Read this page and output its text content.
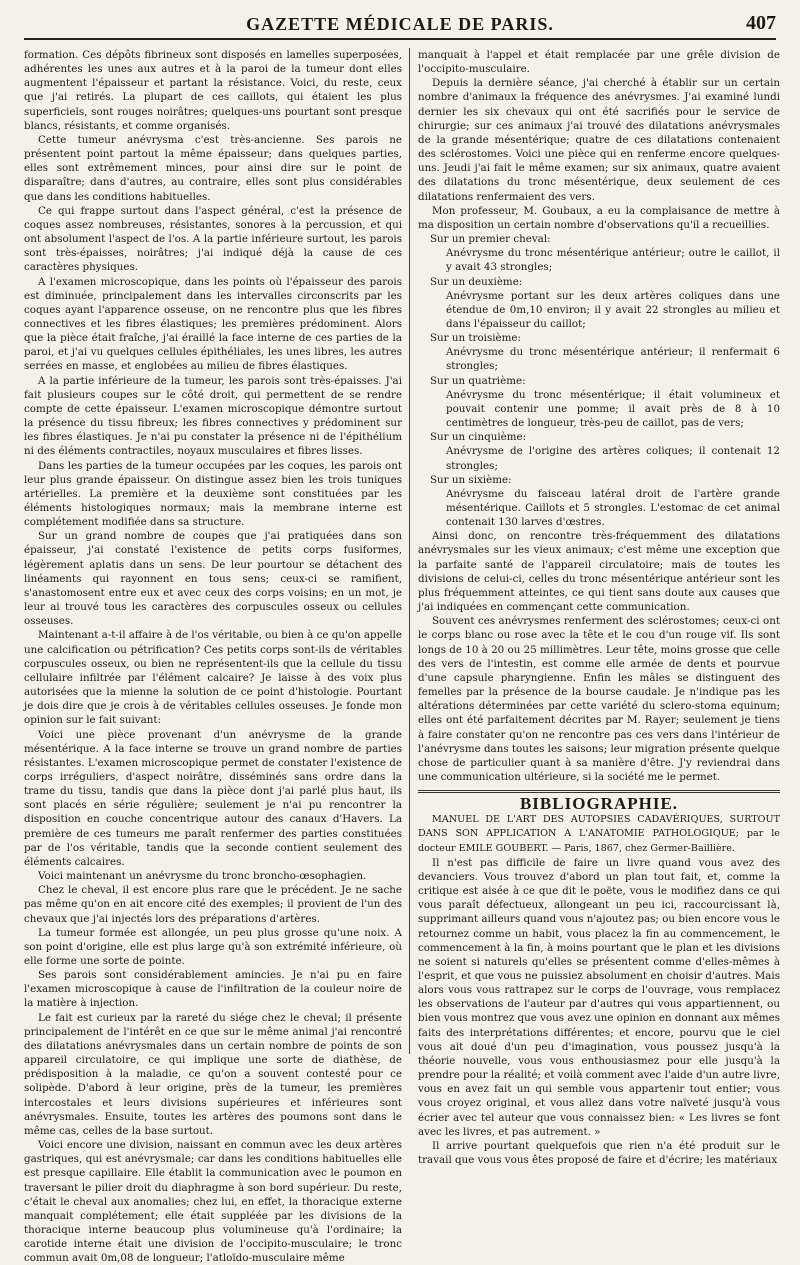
GAZETTE MÉDICALE DE PARIS.	407

formation. Ces dépôts fibrineux sont disposés en lamelles superposées, adhérentes les unes aux autres et à la paroi de la tumeur dont elles augmentent l'épaisseur et partant la résistance. Voici, du reste, ceux que j'ai retirés. La plupart de ces caillots, qui étaient les plus superficiels, sont rouges noirâtres; quelques-uns pourtant sont presque blancs, résistants, et comme organisés.

Cette tumeur anévrysma c'est très-ancienne. Ses parois ne présentent point partout la même épaisseur; dans quelques parties, elles sont extrêmement minces, pour ainsi dire sur le point de disparaître; dans d'autres, au contraire, elles sont plus considérables que dans les conditions habituelles.

Ce qui frappe surtout dans l'aspect général, c'est la présence de coques assez nombreuses, résistantes, sonores à la percussion, et qui ont absolument l'aspect de l'os. A la partie inférieure surtout, les parois sont très-épaisses, noirâtres; j'ai indiqué déjà la cause de ces caractères physiques.

A l'examen microscopique, dans les points où l'épaisseur des parois est diminuée, principalement dans les intervalles circonscrits par les coques ayant l'apparence osseuse, on ne rencontre plus que les fibres connectives et les fibres élastiques; les premières prédominent. Alors que la pièce était fraîche, j'ai éraillé la face interne de ces parties de la paroi, et j'ai vu quelques cellules épithéliales, les unes libres, les autres serrées en masse, et englobées au milieu de fibres élastiques.

A la partie inférieure de la tumeur, les parois sont très-épaisses. J'ai fait plusieurs coupes sur le côté droit, qui permettent de se rendre compte de cette épaisseur. L'examen microscopique démontre surtout la présence du tissu fibreux; les fibres connectives y prédominent sur les fibres élastiques. Je n'ai pu constater la présence ni de l'épithélium ni des éléments contractiles, noyaux musculaires et fibres lisses.

Dans les parties de la tumeur occupées par les coques, les parois ont leur plus grande épaisseur. On distingue assez bien les trois tuniques artérielles. La première et la deuxième sont constituées par les éléments histologiques normaux; mais la membrane interne est complétement modifiée dans sa structure.

Sur un grand nombre de coupes que j'ai pratiquées dans son épaisseur, j'ai constaté l'existence de petits corps fusiformes, légèrement aplatis dans un sens. De leur pourtour se détachent des linéaments qui rayonnent en tous sens; ceux-ci se ramifient, s'anastomosent entre eux et avec ceux des corps voisins; en un mot, je leur ai trouvé tous les caractères des corpuscules osseux ou cellules osseuses.

Maintenant a-t-il affaire à de l'os véritable, ou bien à ce qu'on appelle une calcification ou pétrification? Ces petits corps sont-ils de véritables corpuscules osseux, ou bien ne représentent-ils que la cellule du tissu cellulaire infiltrée par l'élément calcaire? Je laisse à des voix plus autorisées que la mienne la solution de ce point d'histologie. Pourtant je dois dire que je crois à de véritables cellules osseuses. Je fonde mon opinion sur le fait suivant:

Voici une pièce provenant d'un anévrysme de la grande mésentérique. A la face interne se trouve un grand nombre de parties résistantes. L'examen microscopique permet de constater l'existence de corps irréguliers, d'aspect noirâtre, disséminés sans ordre dans la trame du tissu, tandis que dans la pièce dont j'ai parlé plus haut, ils sont placés en série régulière; seulement je n'ai pu rencontrer la disposition en couche concentrique autour des canaux d'Havers. La première de ces tumeurs me paraît renfermer des parties constituées par de l'os véritable, tandis que la seconde contient seulement des éléments calcaires.

Voici maintenant un anévrysme du tronc broncho-œsophagien.

Chez le cheval, il est encore plus rare que le précédent. Je ne sache pas même qu'on en ait encore cité des exemples; il provient de l'un des chevaux que j'ai injectés lors des préparations d'artères.

La tumeur formée est allongée, un peu plus grosse qu'une noix. A son point d'origine, elle est plus large qu'à son extrémité inférieure, où elle forme une sorte de pointe.

Ses parois sont considérablement amincies. Je n'ai pu en faire l'examen microscopique à cause de l'infiltration de la couleur noire de la matière à injection.

Le fait est curieux par la rareté du siége chez le cheval; il présente principalement de l'intérêt en ce que sur le même animal j'ai rencontré des dilatations anévrysmales dans un certain nombre de points de son appareil circulatoire, ce qui implique une sorte de diathèse, de prédisposition à la maladie, ce qu'on a souvent contesté pour ce solipède. D'abord à leur origine, près de la tumeur, les premières intercostales et leurs divisions supérieures et inférieures sont anévrysmales. Ensuite, toutes les artères des poumons sont dans le même cas, celles de la base surtout.

Voici encore une division, naissant en commun avec les deux artères gastriques, qui est anévrysmale; car dans les conditions habituelles elle est presque capillaire. Elle établit la communication avec le poumon en traversant le pilier droit du diaphragme à son bord supérieur. Du reste, c'était le cheval aux anomalies; chez lui, en effet, la thoracique externe manquait complétement; elle était suppléée par les divisions de la thoracique interne beaucoup plus volumineuse qu'à l'ordinaire; la carotide interne était une division de l'occipito-musculaire; le tronc commun avait 0m,08 de longueur; l'atloïdo-musculaire même

manquait à l'appel et était remplacée par une grêle division de l'occipito-musculaire.

Depuis la dernière séance, j'ai cherché à établir sur un certain nombre d'animaux la fréquence des anévrysmes. J'ai examiné lundi dernier les six chevaux qui ont été sacrifiés pour le service de chirurgie; sur ces animaux j'ai trouvé des dilatations anévrysmales de la grande mésentérique; quatre de ces dilatations contenaient des sclérostomes. Voici une pièce qui en renferme encore quelques-uns. Jeudi j'ai fait le même examen; sur six animaux, quatre avaient des dilatations du tronc mésentérique, deux seulement de ces dilatations renfermaient des vers.

Mon professeur, M. Goubaux, a eu la complaisance de mettre à ma disposition un certain nombre d'observations qu'il a recueillies.

Sur un premier cheval:

Anévrysme du tronc mésentérique antérieur; outre le caillot, il y avait 43 strongles;

Sur un deuxième:

Anévrysme portant sur les deux artères coliques dans une étendue de 0m,10 environ; il y avait 22 strongles au milieu et dans l'épaisseur du caillot;

Sur un troisième:

Anévrysme du tronc mésentérique antérieur; il renfermait 6 strongles;

Sur un quatrième:

Anévrysme du tronc mésentérique; il était volumineux et pouvait contenir une pomme; il avait près de 8 à 10 centimètres de longueur, très-peu de caillot, pas de vers;

Sur un cinquième:

Anévrysme de l'origine des artères coliques; il contenait 12 strongles;

Sur un sixième:

Anévrysme du faisceau latéral droit de l'artère grande mésentérique. Caillots et 5 strongles. L'estomac de cet animal contenait 130 larves d'œstres.

Ainsi donc, on rencontre très-fréquemment des dilatations anévrysmales sur les vieux animaux; c'est même une exception que la parfaite santé de l'appareil circulatoire; mais de toutes les divisions de celui-ci, celles du tronc mésentérique antérieur sont les plus fréquemment atteintes, ce qui tient sans doute aux causes que j'ai indiquées en commençant cette communication.

Souvent ces anévrysmes renferment des sclérostomes; ceux-ci ont le corps blanc ou rose avec la tête et le cou d'un rouge vif. Ils sont longs de 10 à 20 ou 25 millimètres. Leur tête, moins grosse que celle des vers de l'intestin, est comme elle armée de dents et pourvue d'une capsule pharyngienne. Enfin les mâles se distinguent des femelles par la présence de la bourse caudale. Je n'indique pas les altérations déterminées par cette variété du sclero-stoma equinum; elles ont été parfaitement décrites par M. Rayer; seulement je tiens à faire constater qu'on ne rencontre pas ces vers dans l'intérieur de l'anévrysme dans toutes les saisons; leur migration présente quelque chose de particulier quant à sa manière d'être. J'y reviendrai dans une communication ultérieure, si la société me le permet.

BIBLIOGRAPHIE.

MANUEL DE L'ART DES AUTOPSIES CADAVÉRIQUES, SURTOUT DANS SON APPLICATION A L'ANATOMIE PATHOLOGIQUE; par le docteur EMILE GOUBERT. — Paris, 1867, chez Germer-Baillière.

Il n'est pas difficile de faire un livre quand vous avez des devanciers. Vous trouvez d'abord un plan tout fait, et, comme la critique est aisée à ce que dit le poëte, vous le modifiez dans ce qui vous paraît défectueux, allongeant un peu ici, raccourcissant là, supprimant ailleurs quand vous n'ajoutez pas; ou bien encore vous le retournez comme un habit, vous placez la fin au commencement, le commencement à la fin, à moins pourtant que le plan et les divisions ne soient si naturels qu'elles se présentent comme d'elles-mêmes à l'esprit, et que vous ne puissiez absolument en choisir d'autres. Mais alors vous vous rattrapez sur le corps de l'ouvrage, vous remplacez les observations de l'auteur par d'autres qui vous appartiennent, ou bien vous montrez que vous avez une opinion en donnant aux mêmes faits des interprétations différentes; et encore, pourvu que le ciel vous ait doué d'un peu d'imagination, vous poussez jusqu'à la théorie nouvelle, vous vous enthousiasmez pour elle jusqu'à la prendre pour la réalité; et voilà comment avec l'aide d'un autre livre, vous en avez fait un qui semble vous appartenir tout entier; vous vous croyez original, et vous allez dans votre naïveté jusqu'à vous écrier avec tel auteur que vous connaissez bien: « Les livres se font avec les livres, et pas autrement. »

Il arrive pourtant quelquefois que rien n'a été produit sur le travail que vous vous êtes proposé de faire et d'écrire; les matériaux
